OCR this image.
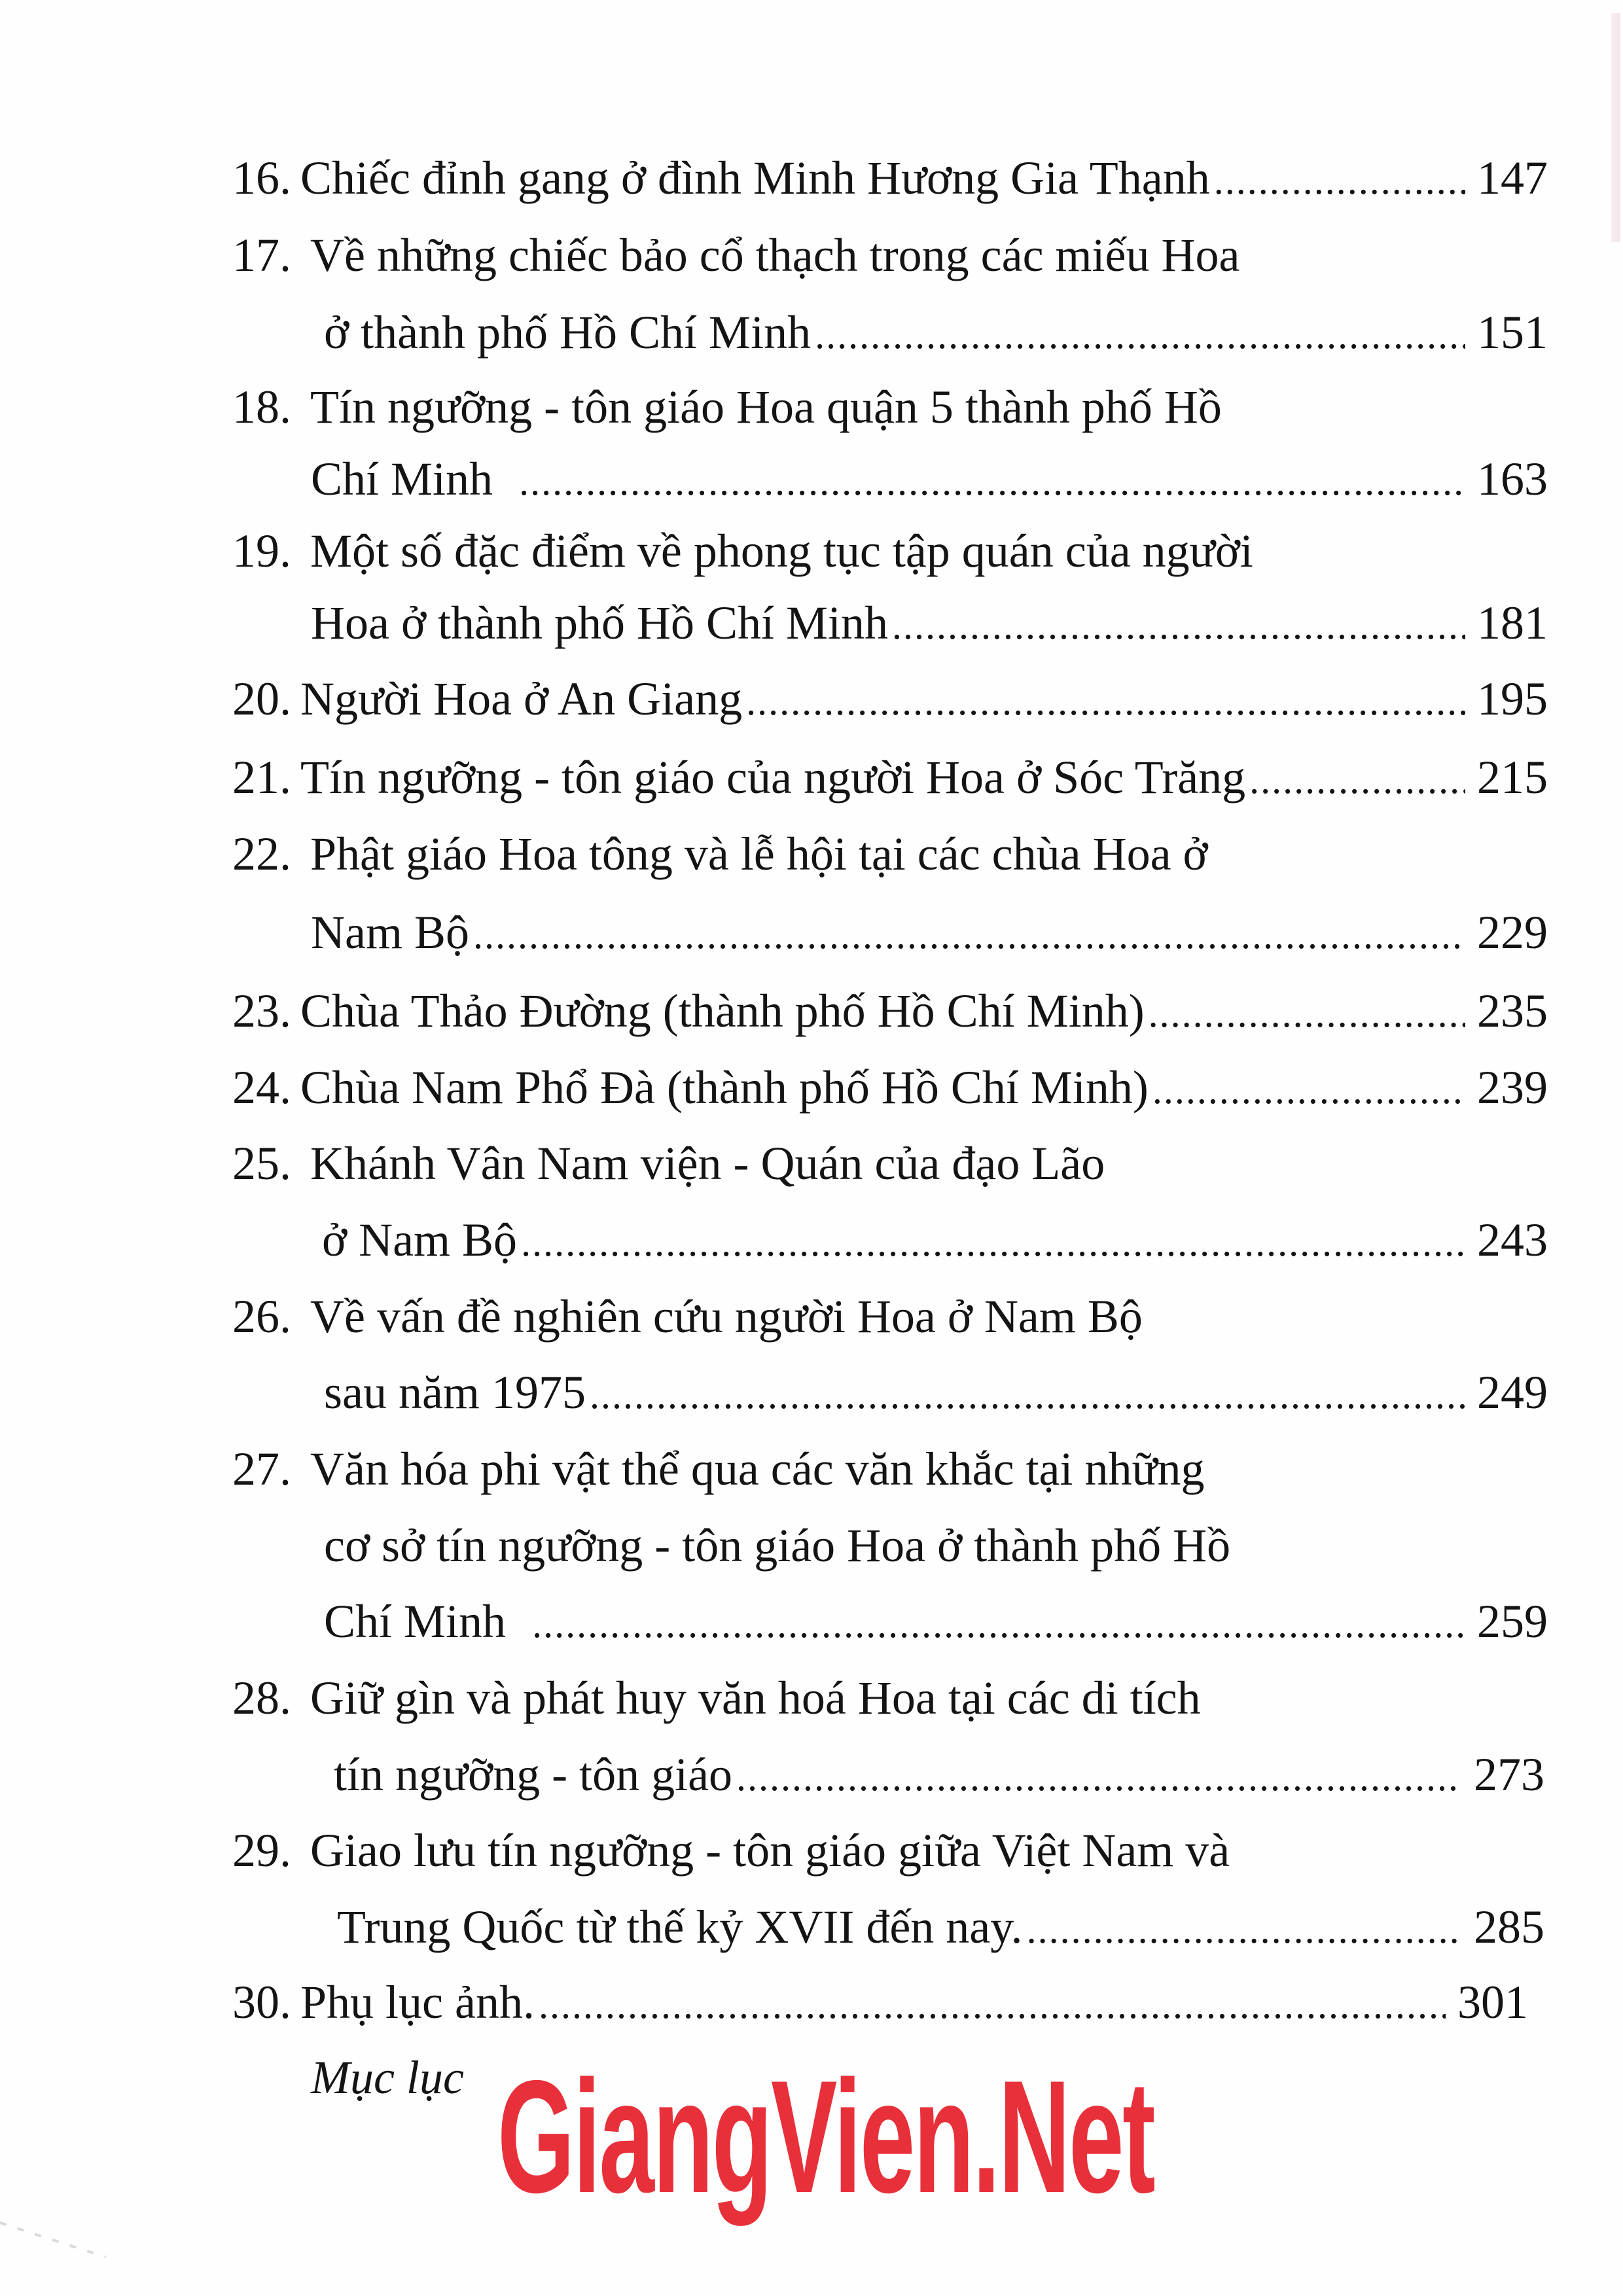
16. Chiếc đỉnh gang ở đình Minh Hương Gia Thạnh .....	147
17. Về những chiếc bảo cổ thạch trong các miếu Hoa
ở thành phố Hồ Chí Minh .....	151
18. Tín ngưỡng - tôn giáo Hoa quận 5 thành phố Hồ
Chí Minh .....	163
19. Một số đặc điểm về phong tục tập quán của người
Hoa ở thành phố Hồ Chí Minh .....	181
20. Người Hoa ở An Giang .....	195
21. Tín ngưỡng - tôn giáo của người Hoa ở Sóc Trăng .....	215
22. Phật giáo Hoa tông và lễ hội tại các chùa Hoa ở
Nam Bộ .....	229
23. Chùa Thảo Đường (thành phố Hồ Chí Minh) .....	235
24. Chùa Nam Phổ Đà (thành phố Hồ Chí Minh) .....	239
25. Khánh Vân Nam viện - Quán của đạo Lão
ở Nam Bộ .....	243
26. Về vấn đề nghiên cứu người Hoa ở Nam Bộ
sau năm 1975 .....	249
27. Văn hóa phi vật thể qua các văn khắc tại những
cơ sở tín ngưỡng - tôn giáo Hoa ở thành phố Hồ
Chí Minh .....	259
28. Giữ gìn và phát huy văn hoá Hoa tại các di tích
tín ngưỡng - tôn giáo .....	273
29. Giao lưu tín ngưỡng - tôn giáo giữa Việt Nam và
Trung Quốc từ thế kỷ XVII đến nay. .....	285
30. Phụ lục ảnh. .....	301
Mục lục GiangVien.Net
